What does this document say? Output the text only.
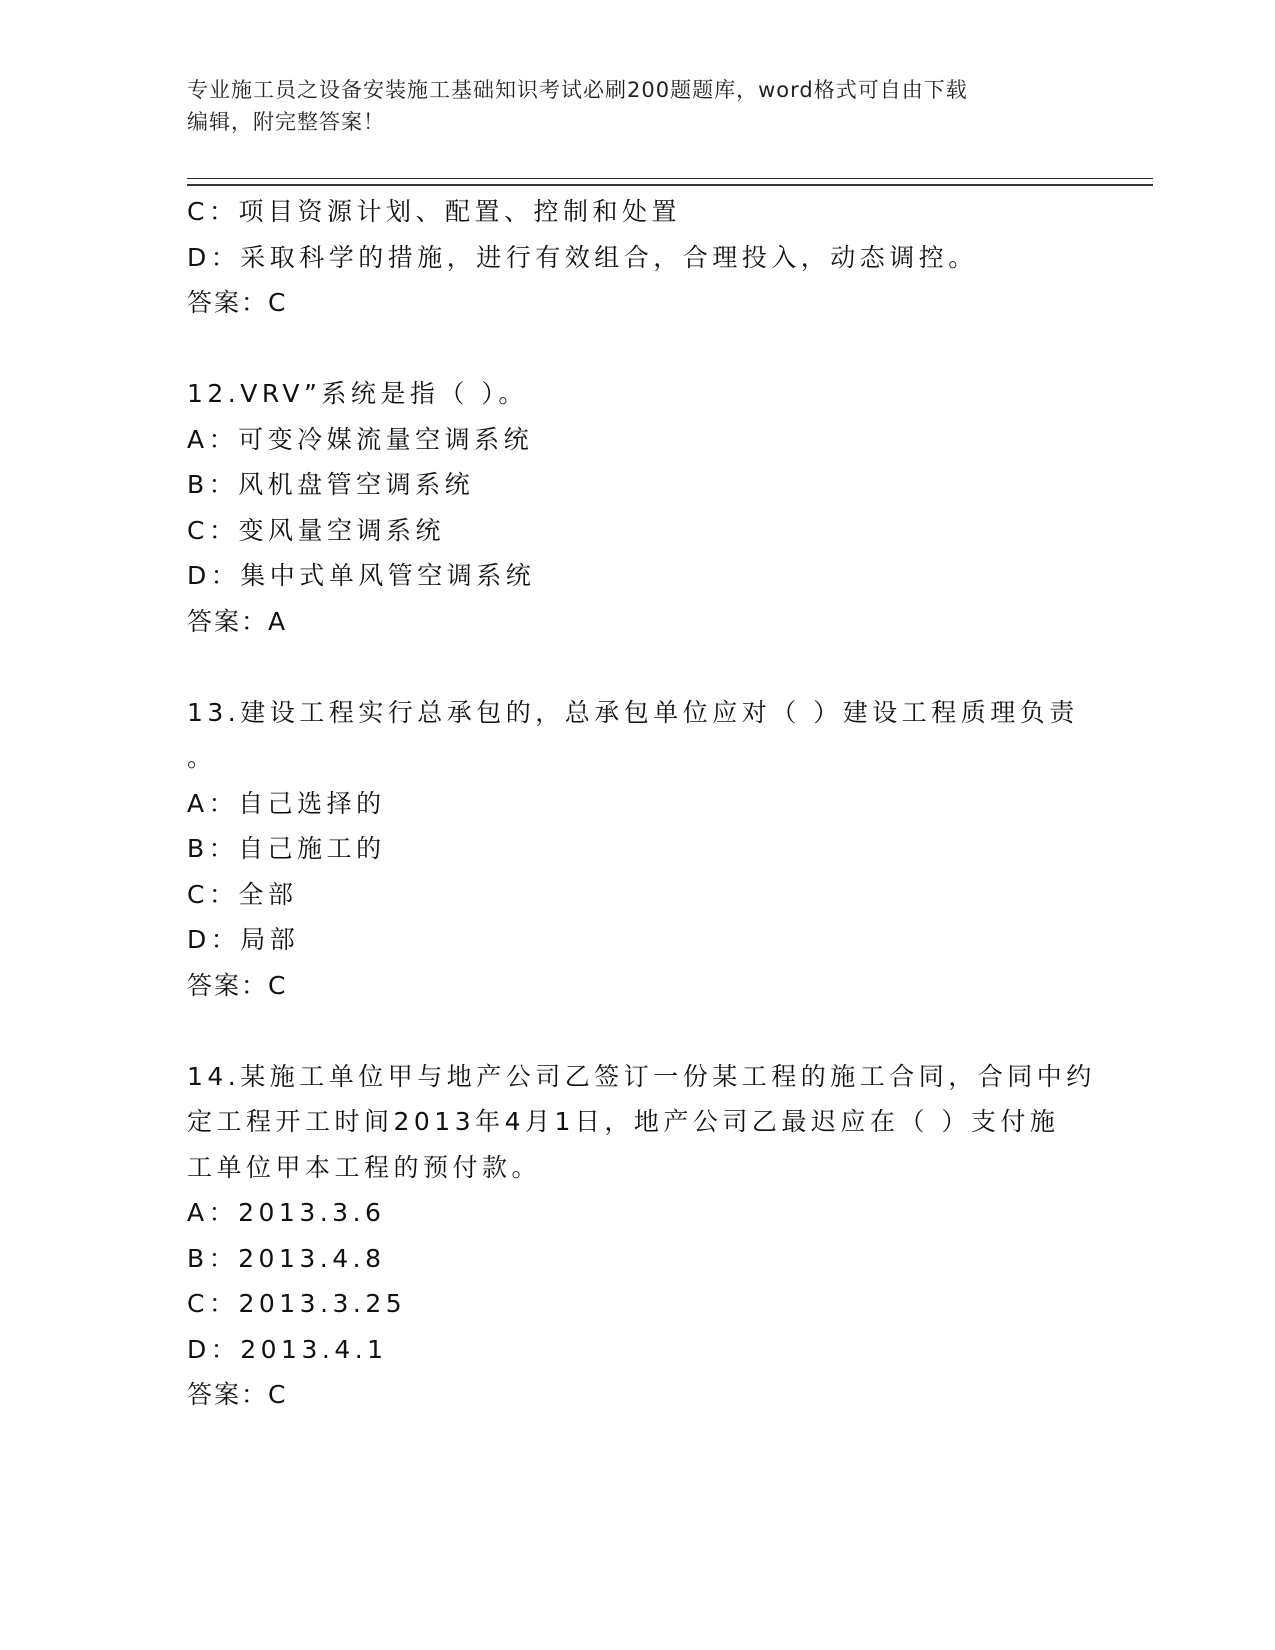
专业施工员之设备安装施工基础知识考试必刷200题题库，word格式可自由下载
编辑，附完整答案！
C：项目资源计划、配置、控制和处置
D：采取科学的措施，进行有效组合，合理投入，动态调控。
答案：C
12.VRV”系统是指（ ）。
A：可变冷媒流量空调系统
B：风机盘管空调系统
C：变风量空调系统
D：集中式单风管空调系统
答案：A
13.建设工程实行总承包的，总承包单位应对（ ）建设工程质理负责
。
A：自己选择的
B：自己施工的
C：全部
D：局部
答案：C
14.某施工单位甲与地产公司乙签订一份某工程的施工合同，合同中约
定工程开工时间2013年4月1日，地产公司乙最迟应在（ ）支付施
工单位甲本工程的预付款。
A：2013.3.6
B：2013.4.8
C：2013.3.25
D：2013.4.1
答案：C
